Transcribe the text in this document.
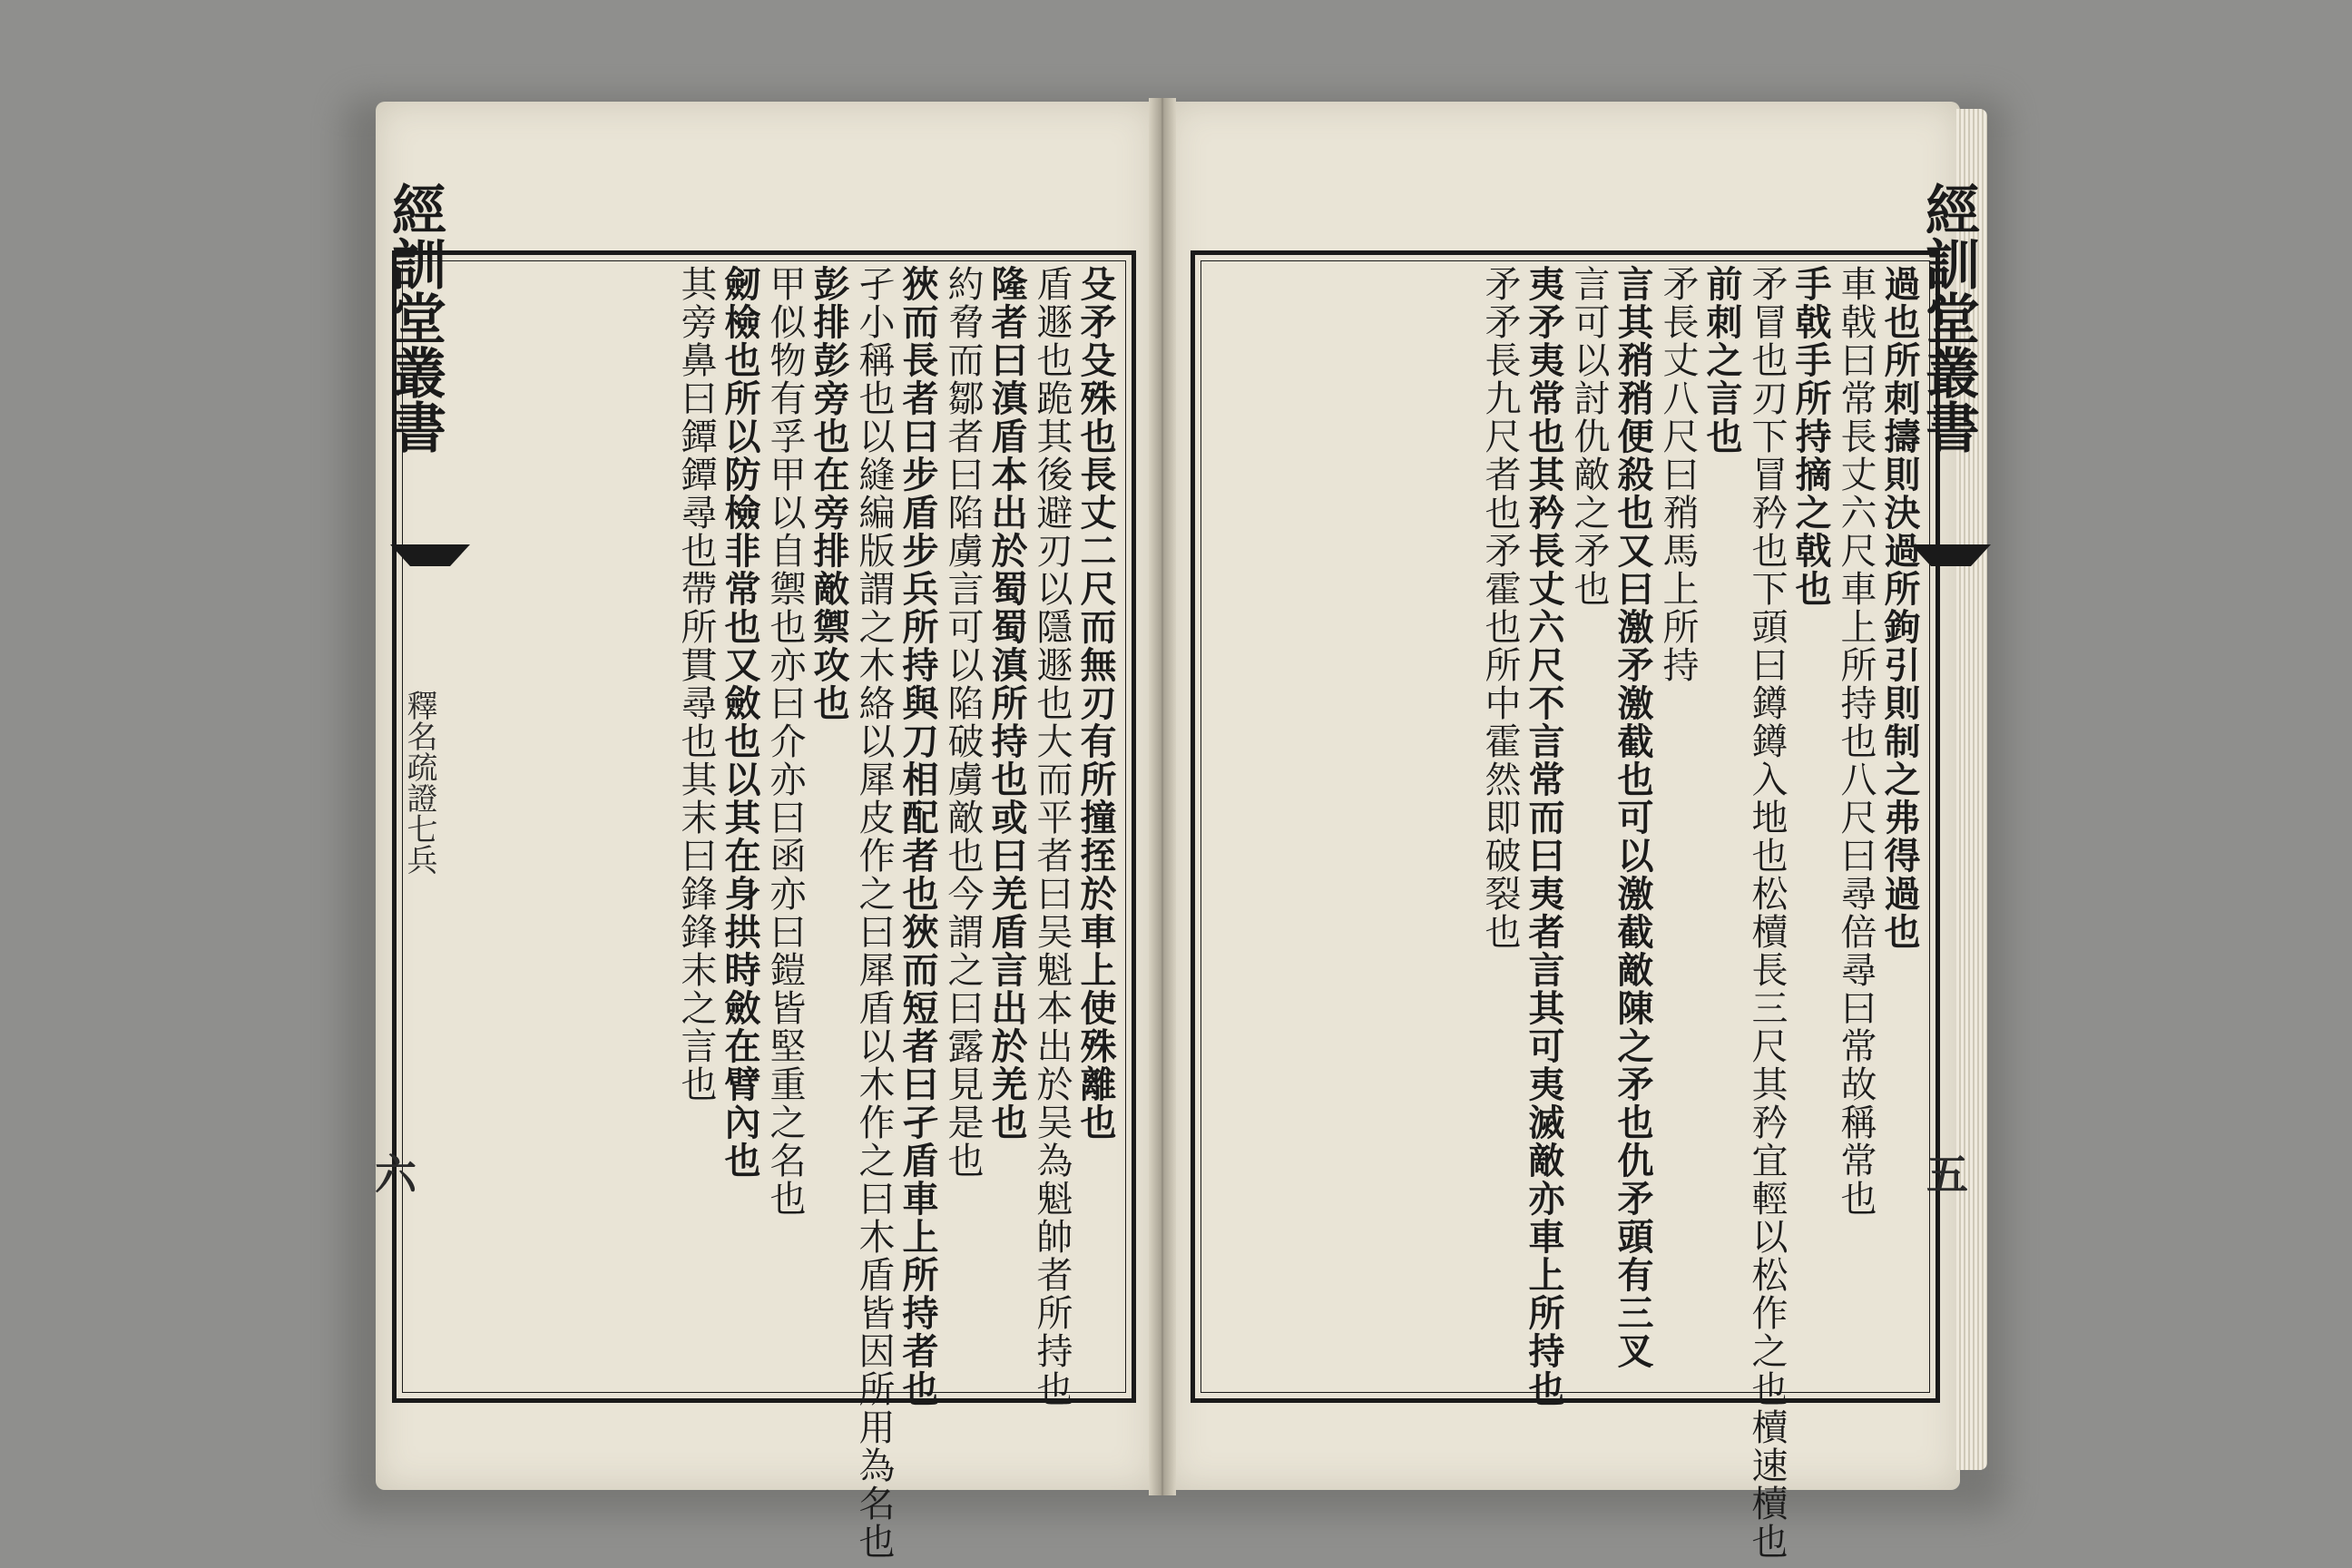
經訓堂叢書	經訓堂叢書
釋名疏證七兵
六	五
殳矛殳殊也長丈二尺而無刃有所撞挃於車上使殊離也
盾遯也跪其後避刃以隱遯也大而平者曰吴魁本出於吴為魁帥者所持也
隆者曰滇盾本出於蜀蜀滇所持也或曰羌盾言出於羌也
約脅而鄒者曰陷虜言可以陷破虜敵也今謂之曰露見是也
狹而長者曰步盾步兵所持與刀相配者也狹而短者曰孑盾車上所持者也
孑小稱也以縫編版謂之木絡以犀皮作之曰犀盾以木作之曰木盾皆因所用為名也
彭排彭旁也在旁排敵禦攻也
甲似物有孚甲以自禦也亦曰介亦曰函亦曰鎧皆堅重之名也
劒檢也所以防檢非常也又斂也以其在身拱時斂在臂內也
其旁鼻曰鐔鐔尋也帶所貫尋也其末曰鋒鋒末之言也	過也所刺擣則決過所鉤引則制之弗得過也
車戟曰常長丈六尺車上所持也八尺曰尋倍尋曰常故稱常也
手戟手所持摘之戟也
矛冒也刃下冒矜也下頭曰鐏鐏入地也松櫝長三尺其矜宜輕以松作之也櫝速櫝也
前刺之言也
矛長丈八尺曰矟馬上所持
言其矟矟便殺也又曰激矛激截也可以激截敵陳之矛也仇矛頭有三叉
言可以討仇敵之矛也
夷矛夷常也其矜長丈六尺不言常而曰夷者言其可夷滅敵亦車上所持也
矛矛長九尺者也矛霍也所中霍然即破裂也
